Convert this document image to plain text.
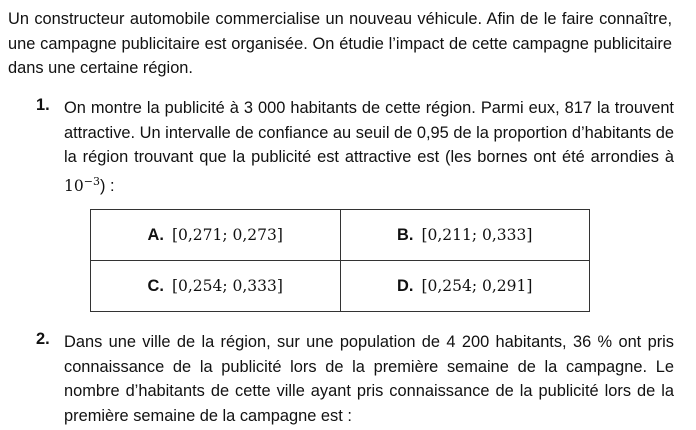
Un constructeur automobile commercialise un nouveau véhicule. Afin de le faire connaître, une campagne publicitaire est organisée. On étudie l’impact de cette campagne publicitaire dans une certaine région.

1. On montre la publicité à 3 000 habitants de cette région. Parmi eux, 817 la trouvent attractive. Un intervalle de confiance au seuil de 0,95 de la proportion d’habitants de la région trouvant que la publicité est attractive est (les bornes ont été arrondies à $10^{-3}$) :
A. [0,271; 0,273]	B. [0,211; 0,333]
C. [0,254; 0,333]	D. [0,254; 0,291]
2. Dans une ville de la région, sur une population de 4 200 habitants, 36 % ont pris connaissance de la publicité lors de la première semaine de la campagne. Le nombre d’habitants de cette ville ayant pris connaissance de la publicité lors de la première semaine de la campagne est :
